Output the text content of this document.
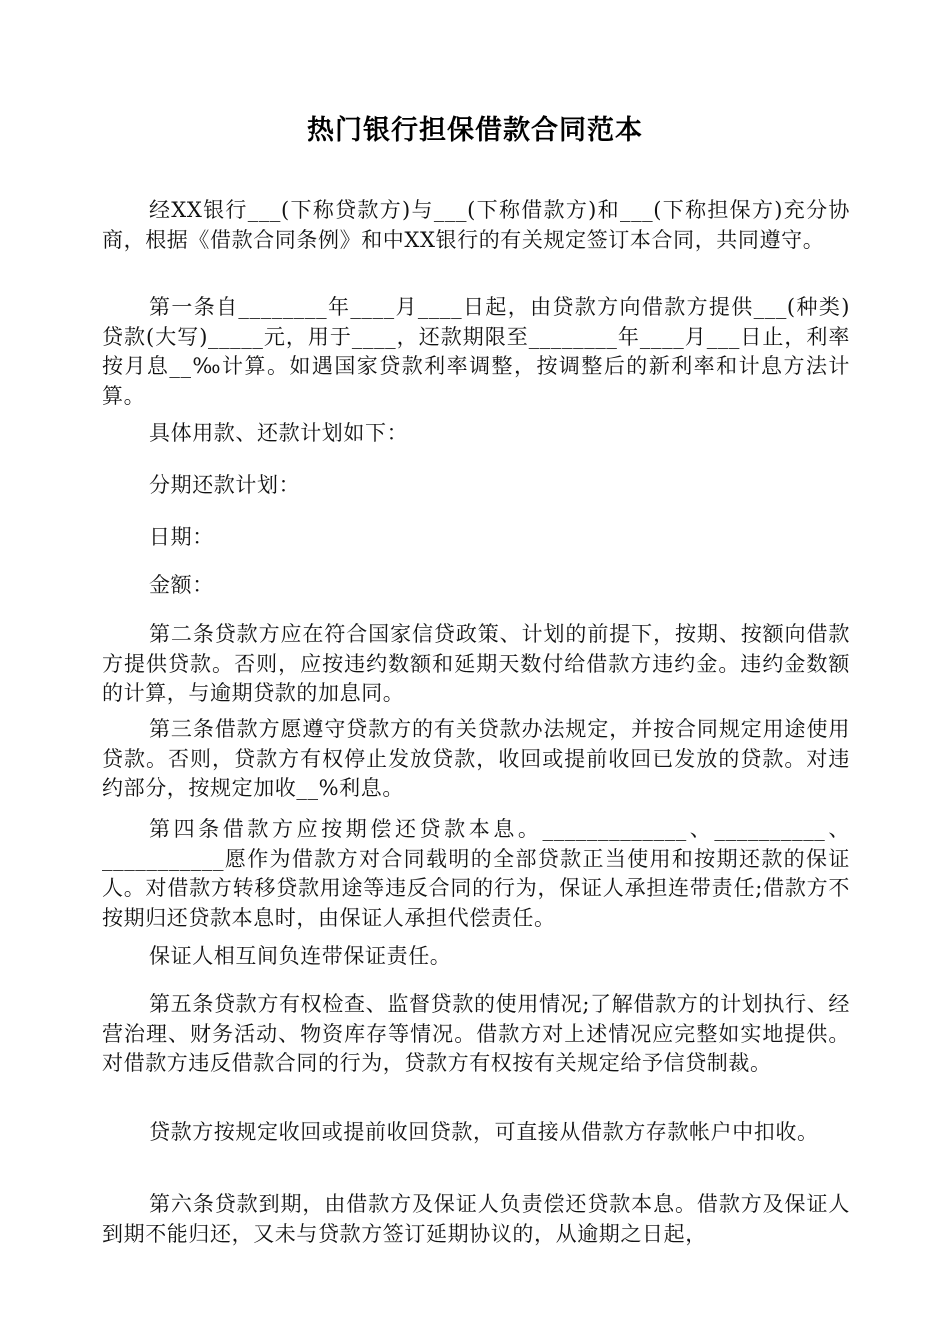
热门银行担保借款合同范本
经XX银行___(下称贷款方)与___(下称借款方)和___(下称担保方)充分协商，根据《借款合同条例》和中XX银行的有关规定签订本合同，共同遵守。
第一条自________年____月____日起，由贷款方向借款方提供___(种类)贷款(大写)_____元，用于____，还款期限至________年____月___日止，利率按月息__‰计算。如遇国家贷款利率调整，按调整后的新利率和计息方法计算。
具体用款、还款计划如下：
分期还款计划：
日期：
金额：
第二条贷款方应在符合国家信贷政策、计划的前提下，按期、按额向借款方提供贷款。否则，应按违约数额和延期天数付给借款方违约金。违约金数额的计算，与逾期贷款的加息同。
第三条借款方愿遵守贷款方的有关贷款办法规定，并按合同规定用途使用贷款。否则，贷款方有权停止发放贷款，收回或提前收回已发放的贷款。对违约部分，按规定加收__%利息。
第四条借款方应按期偿还贷款本息。_____________、__________、___________愿作为借款方对合同载明的全部贷款正当使用和按期还款的保证人。对借款方转移贷款用途等违反合同的行为，保证人承担连带责任;借款方不按期归还贷款本息时，由保证人承担代偿责任。
保证人相互间负连带保证责任。
第五条贷款方有权检查、监督贷款的使用情况;了解借款方的计划执行、经营治理、财务活动、物资库存等情况。借款方对上述情况应完整如实地提供。对借款方违反借款合同的行为，贷款方有权按有关规定给予信贷制裁。
贷款方按规定收回或提前收回贷款，可直接从借款方存款帐户中扣收。
第六条贷款到期，由借款方及保证人负责偿还贷款本息。借款方及保证人到期不能归还，又未与贷款方签订延期协议的，从逾期之日起，
